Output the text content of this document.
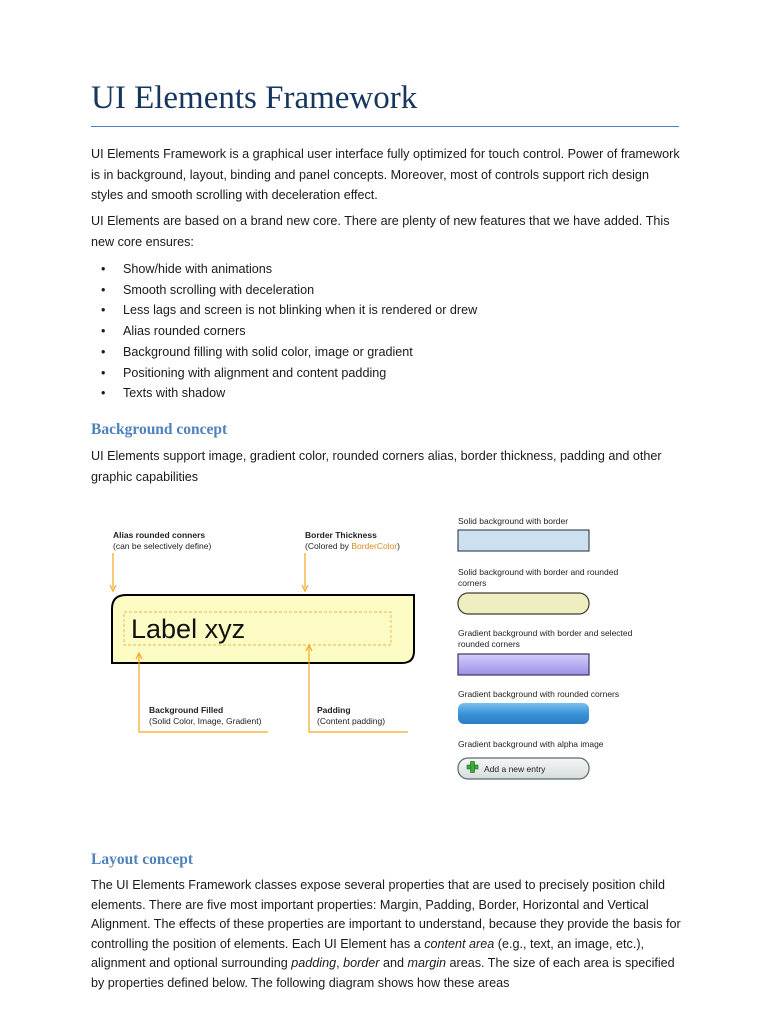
UI Elements Framework

UI Elements Framework is a graphical user interface fully optimized for touch control. Power of framework is in background, layout, binding and panel concepts. Moreover, most of controls support rich design styles and smooth scrolling with deceleration effect.

UI Elements are based on a brand new core. There are plenty of new features that we have added. This new core ensures:

• Show/hide with animations
• Smooth scrolling with deceleration
• Less lags and screen is not blinking when it is rendered or drew
• Alias rounded corners
• Background filling with solid color, image or gradient
• Positioning with alignment and content padding
• Texts with shadow
Background concept

UI Elements support image, gradient color, rounded corners alias, border thickness, padding and other graphic capabilities

Layout concept

The UI Elements Framework classes expose several properties that are used to precisely position child elements. There are five most important properties: Margin, Padding, Border, Horizontal and Vertical Alignment. The effects of these properties are important to understand, because they provide the basis for controlling the position of elements. Each UI Element has a content area (e.g., text, an image, etc.), alignment and optional surrounding padding, border and margin areas. The size of each area is specified by properties defined below. The following diagram shows how these areas

Label xyz
Alias rounded conners
(can be selectively define)
Border Thickness
(Colored by BorderColor)
Background Filled
(Solid Color, Image, Gradient)
Padding
(Content padding)
Solid background with border
Solid background with border and rounded
corners
Gradient background with border and selected
rounded corners
Gradient background with rounded corners
Gradient background with alpha image
Add a new entry
